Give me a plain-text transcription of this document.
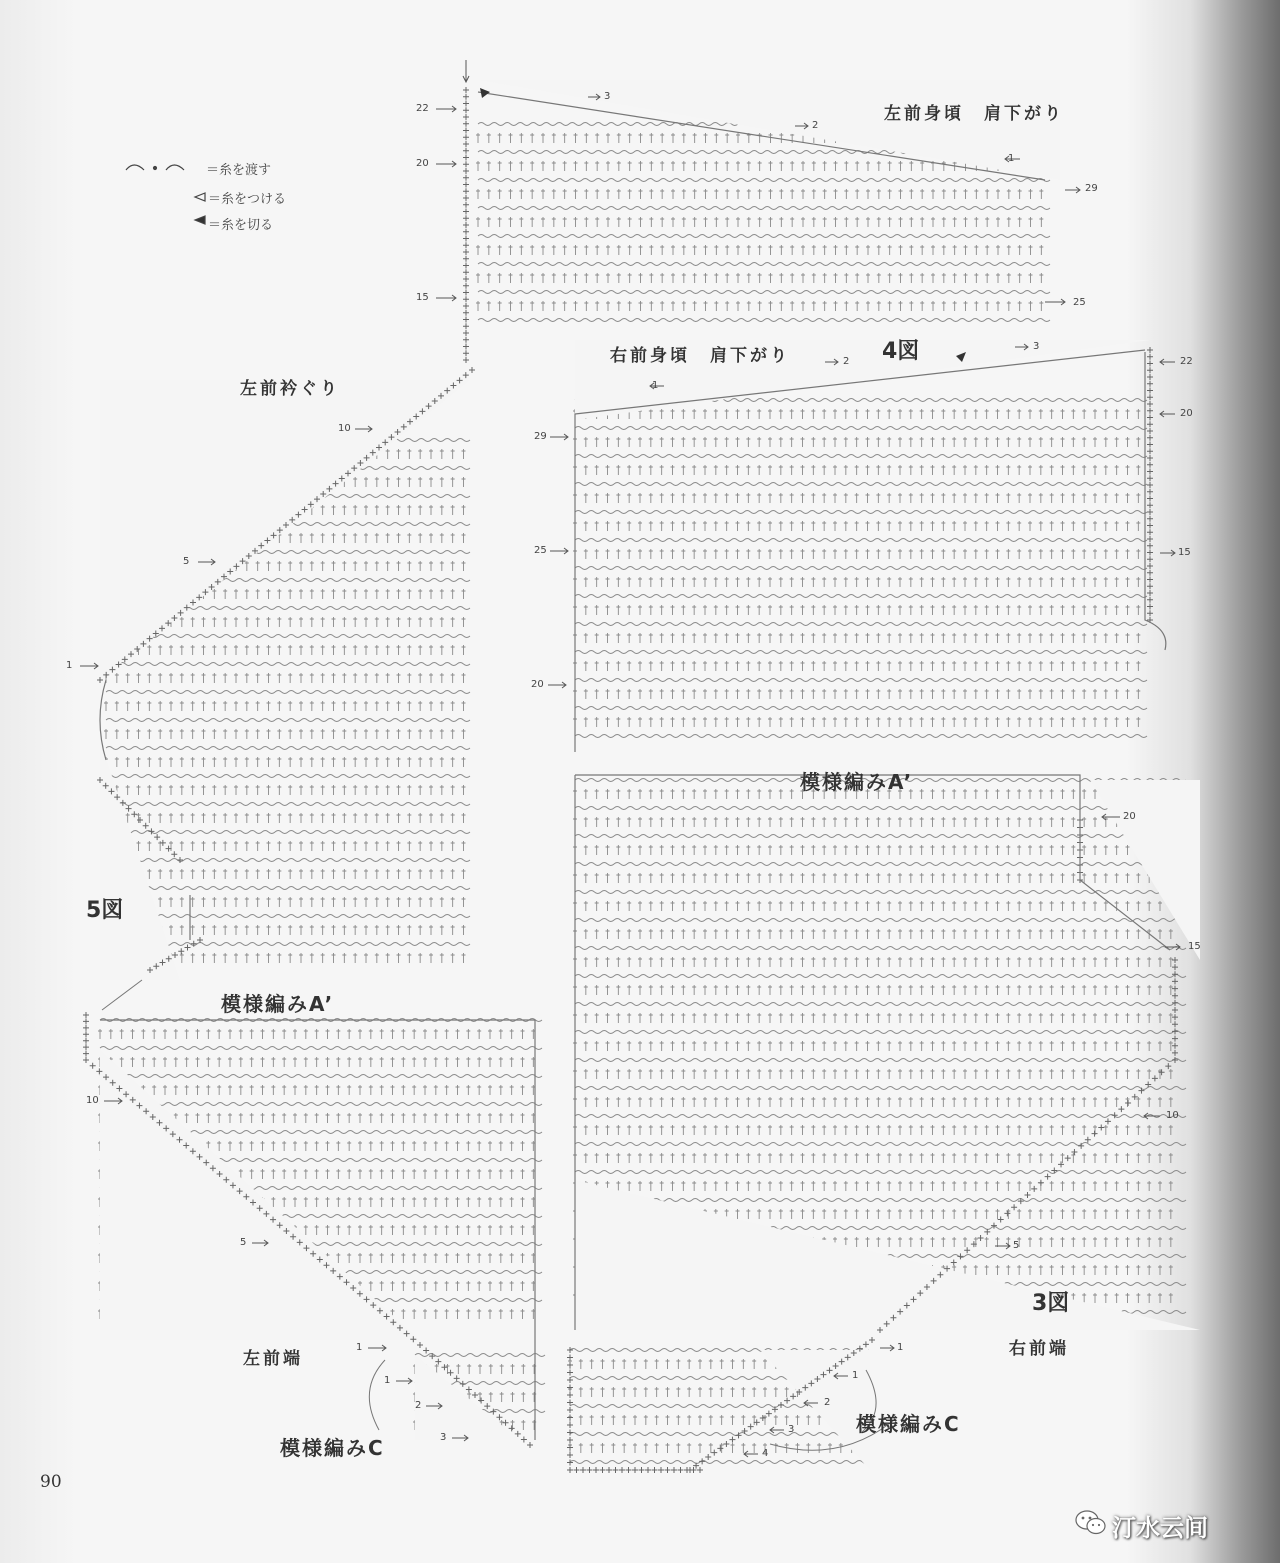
＝糸を渡す
＝糸をつける
＝糸を切る
左前身頃　肩下がり
右前身頃　肩下がり
左前衿ぐり
左前端	右前端
4図
5図
3図
模様編みA’
模様編みA’
模様編みC
模様編みC
22
20
15
29
25
3
2
1
3
2
1
22
20
29
25	15
20
10
5
1
20
15
10
5
1
10
5
1
1
2
3
1
2
3
4
90
汀水云间
